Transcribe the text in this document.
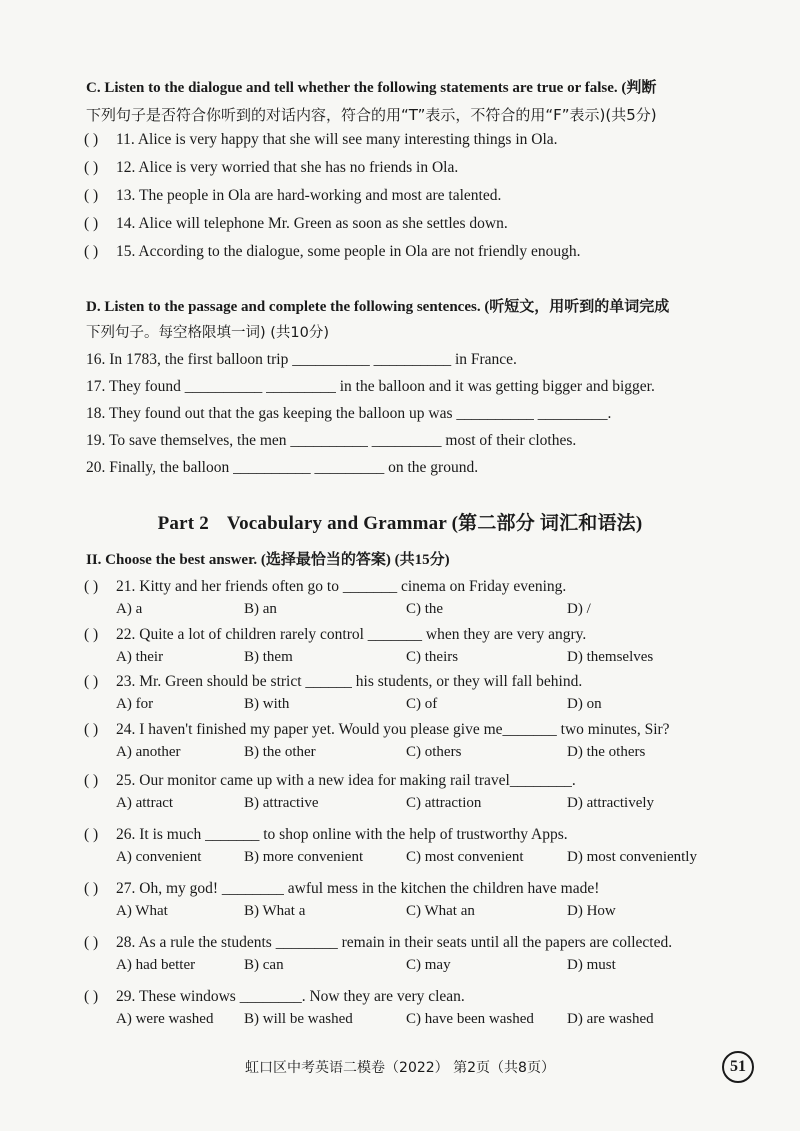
C. Listen to the dialogue and tell whether the following statements are true or false. (判断
下列句子是否符合你听到的对话内容，符合的用“T”表示，不符合的用“F”表示)(共5分)
( ) 11. Alice is very happy that she will see many interesting things in Ola.
( ) 12. Alice is very worried that she has no friends in Ola.
( ) 13. The people in Ola are hard-working and most are talented.
( ) 14. Alice will telephone Mr. Green as soon as she settles down.
( ) 15. According to the dialogue, some people in Ola are not friendly enough.
D. Listen to the passage and complete the following sentences. (听短文，用听到的单词完成
下列句子。每空格限填一词) (共10分)
16. In 1783, the first balloon trip __________ __________ in France.
17. They found __________ _________ in the balloon and it was getting bigger and bigger.
18. They found out that the gas keeping the balloon up was __________ _________.
19. To save themselves, the men __________ _________ most of their clothes.
20. Finally, the balloon __________ _________ on the ground.
Part 2 Vocabulary and Grammar (第二部分 词汇和语法)
II. Choose the best answer. (选择最恰当的答案) (共15分)
( ) 21. Kitty and her friends often go to _______ cinema on Friday evening.
A) a	B) an	C) the	D) /
( ) 22. Quite a lot of children rarely control _______ when they are very angry.
A) their	B) them	C) theirs	D) themselves
( ) 23. Mr. Green should be strict ______ his students, or they will fall behind.
A) for	B) with	C) of	D) on
( ) 24. I haven't finished my paper yet. Would you please give me_______ two minutes, Sir?
A) another	B) the other	C) others	D) the others
( ) 25. Our monitor came up with a new idea for making rail travel________.
A) attract	B) attractive	C) attraction	D) attractively
( ) 26. It is much _______ to shop online with the help of trustworthy Apps.
A) convenient	B) more convenient	C) most convenient	D) most conveniently
( ) 27. Oh, my god! ________ awful mess in the kitchen the children have made!
A) What	B) What a	C) What an	D) How
( ) 28. As a rule the students ________ remain in their seats until all the papers are collected.
A) had better	B) can	C) may	D) must
( ) 29. These windows ________. Now they are very clean.
A) were washed B) will be washed	C) have been washed D) are washed
虹口区中考英语二模卷（2022） 第2页（共8页）	51
